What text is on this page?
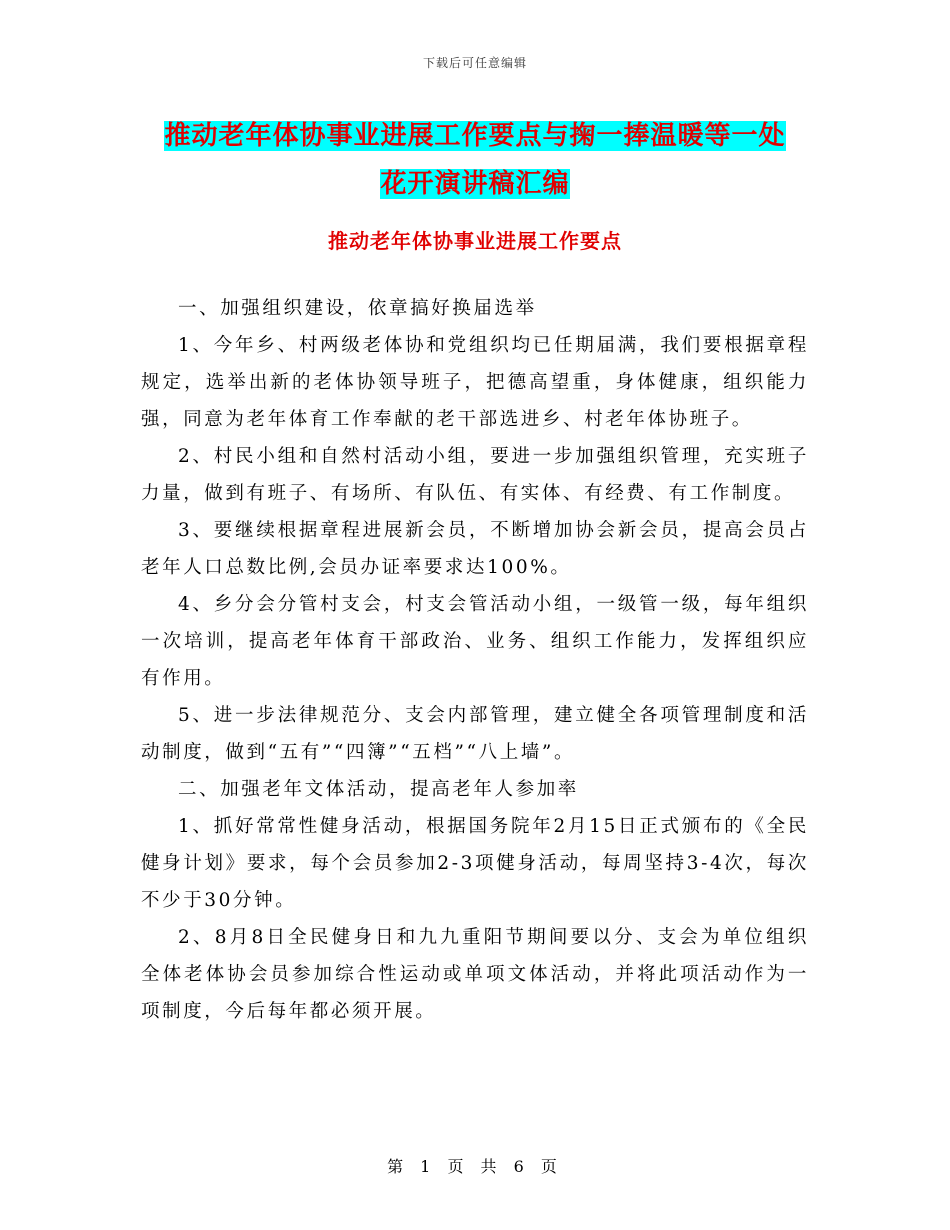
下载后可任意编辑
推动老年体协事业进展工作要点与掬一捧温暖等一处
花开演讲稿汇编
推动老年体协事业进展工作要点

一、加强组织建设，依章搞好换届选举

1、今年乡、村两级老体协和党组织均已任期届满，我们要根据章程规定，选举出新的老体协领导班子，把德高望重，身体健康，组织能力强，同意为老年体育工作奉献的老干部选进乡、村老年体协班子。

2、村民小组和自然村活动小组，要进一步加强组织管理，充实班子力量，做到有班子、有场所、有队伍、有实体、有经费、有工作制度。

3、要继续根据章程进展新会员，不断增加协会新会员，提高会员占老年人口总数比例,会员办证率要求达100%。

4、乡分会分管村支会，村支会管活动小组，一级管一级，每年组织一次培训，提高老年体育干部政治、业务、组织工作能力，发挥组织应有作用。

5、进一步法律规范分、支会内部管理，建立健全各项管理制度和活动制度，做到“五有”“四簿”“五档”“八上墙”。

二、加强老年文体活动，提高老年人参加率

1、抓好常常性健身活动，根据国务院年2月15日正式颁布的《全民健身计划》要求，每个会员参加2-3项健身活动，每周坚持3-4次，每次不少于30分钟。

2、8月8日全民健身日和九九重阳节期间要以分、支会为单位组织全体老体协会员参加综合性运动或单项文体活动，并将此项活动作为一项制度，今后每年都必须开展。

第 1 页 共 6 页
